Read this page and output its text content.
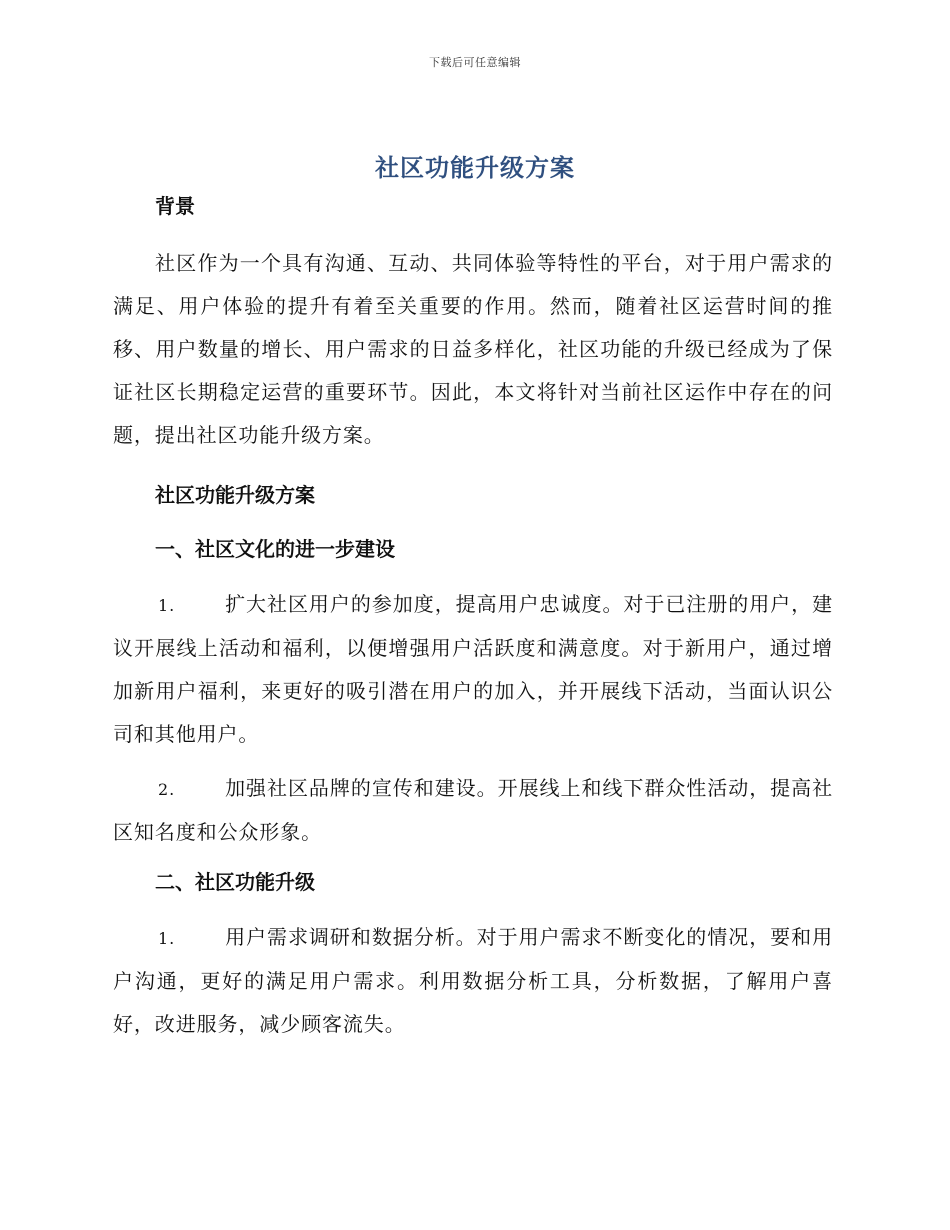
下载后可任意编辑
社区功能升级方案
背景

社区作为一个具有沟通、互动、共同体验等特性的平台，对于用户需求的满足、用户体验的提升有着至关重要的作用。然而，随着社区运营时间的推移、用户数量的增长、用户需求的日益多样化，社区功能的升级已经成为了保证社区长期稳定运营的重要环节。因此，本文将针对当前社区运作中存在的问题，提出社区功能升级方案。

社区功能升级方案
一、社区文化的进一步建设

1. 扩大社区用户的参加度，提高用户忠诚度。对于已注册的用户，建议开展线上活动和福利，以便增强用户活跃度和满意度。对于新用户，通过增加新用户福利，来更好的吸引潜在用户的加入，并开展线下活动，当面认识公司和其他用户。

2. 加强社区品牌的宣传和建设。开展线上和线下群众性活动，提高社区知名度和公众形象。

二、社区功能升级

1. 用户需求调研和数据分析。对于用户需求不断变化的情况，要和用户沟通，更好的满足用户需求。利用数据分析工具，分析数据，了解用户喜好，改进服务，减少顾客流失。
